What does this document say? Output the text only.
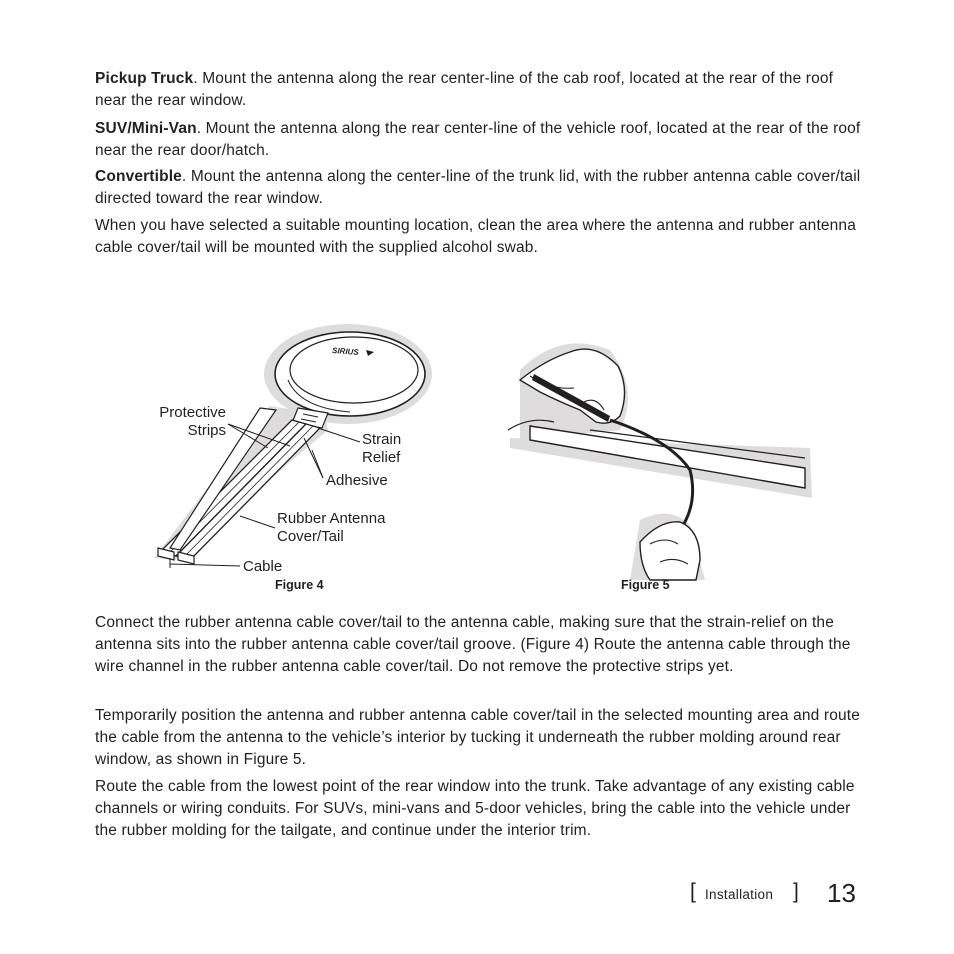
Pickup Truck. Mount the antenna along the rear center-line of the cab roof, located at the rear of the roof near the rear window.

SUV/Mini-Van. Mount the antenna along the rear center-line of the vehicle roof, located at the rear of the roof near the rear door/hatch.

Convertible. Mount the antenna along the center-line of the trunk lid, with the rubber antenna cable cover/tail directed toward the rear window.

When you have selected a suitable mounting location, clean the area where the antenna and rubber antenna cable cover/tail will be mounted with the supplied alcohol swab.

SIRIUS

Protective
Strips

Strain
Relief

Adhesive

Rubber Antenna
Cover/Tail

Cable

Figure 4	Figure 5

Connect the rubber antenna cable cover/tail to the antenna cable, making sure that the strain-relief on the antenna sits into the rubber antenna cable cover/tail groove. (Figure 4) Route the antenna cable through the wire channel in the rubber antenna cable cover/tail. Do not remove the protective strips yet.

Temporarily position the antenna and rubber antenna cable cover/tail in the selected mounting area and route the cable from the antenna to the vehicle’s interior by tucking it underneath the rubber molding around rear window, as shown in Figure 5.

Route the cable from the lowest point of the rear window into the trunk. Take advantage of any existing cable channels or wiring conduits. For SUVs, mini-vans and 5-door vehicles, bring the cable into the vehicle under the rubber molding for the tailgate, and continue under the interior trim.

[ Installation ] 13
